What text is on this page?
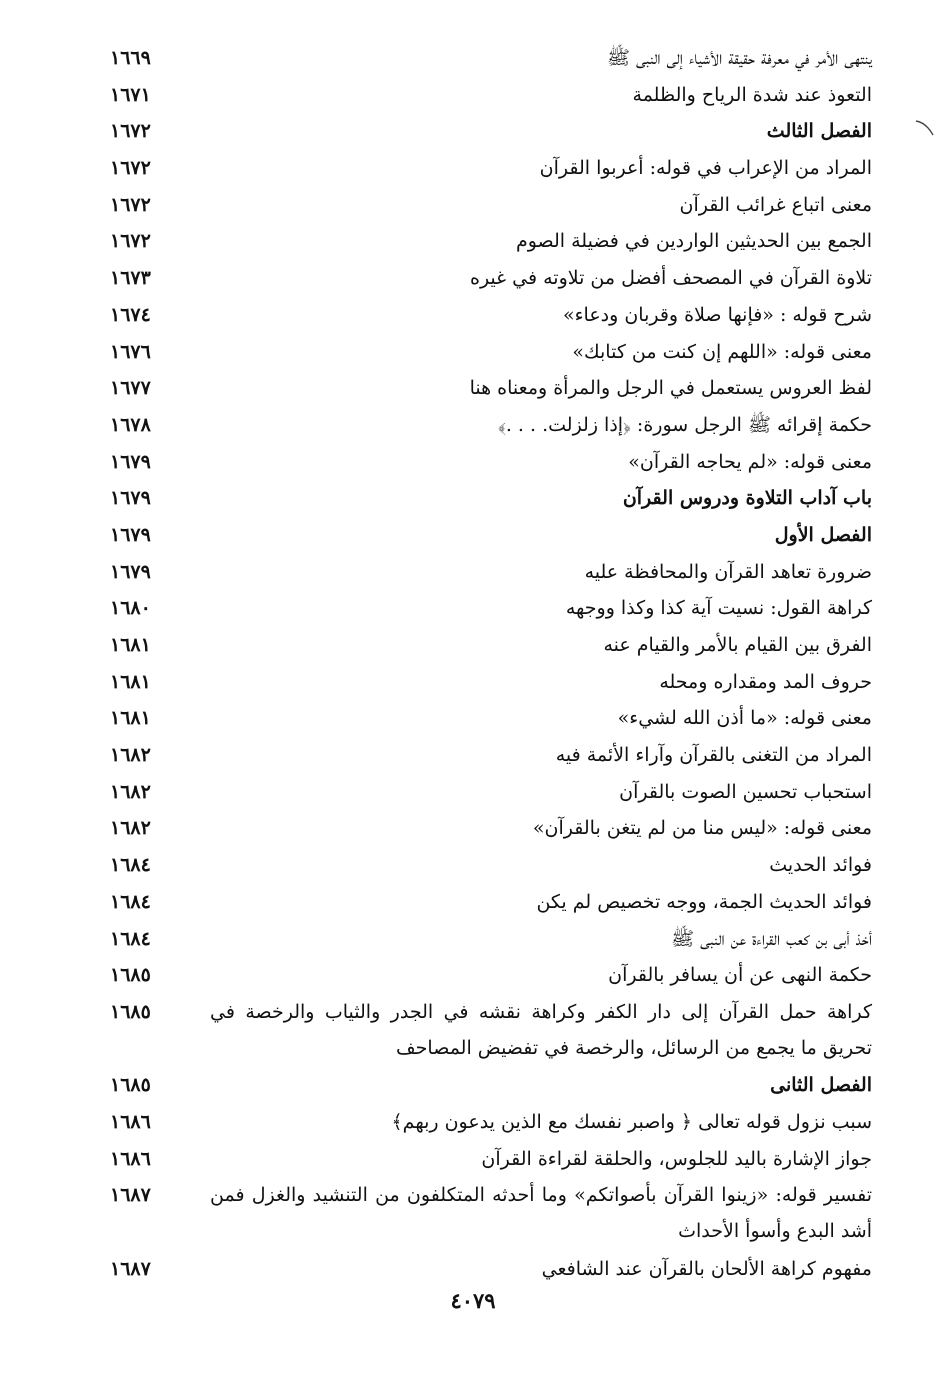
ينتهى الأمر في معرفة حقيقة الأشياء إلى النبى ﷺ
١٦٦٩
التعوذ عند شدة الرياح والظلمة
١٦٧١
الفصل الثالث
١٦٧٢
المراد من الإعراب في قوله: أعربوا القرآن
١٦٧٢
معنى اتباع غرائب القرآن
١٦٧٢
الجمع بين الحديثين الواردين في فضيلة الصوم
١٦٧٢
تلاوة القرآن في المصحف أفضل من تلاوته في غيره
١٦٧٣
شرح قوله : «فإنها صلاة وقربان ودعاء»
١٦٧٤
معنى قوله: «اللهم إن كنت من كتابك»
١٦٧٦
لفظ العروس يستعمل في الرجل والمرأة ومعناه هنا
١٦٧٧
حكمة إقرائه ﷺ الرجل سورة: ﴿إذا زلزلت. . . .﴾
١٦٧٨
معنى قوله: «لم يحاجه القرآن»
١٦٧٩
باب آداب التلاوة ودروس القرآن
١٦٧٩
الفصل الأول
١٦٧٩
ضرورة تعاهد القرآن والمحافظة عليه
١٦٧٩
كراهة القول: نسيت آية كذا وكذا ووجهه
١٦٨٠
الفرق بين القيام بالأمر والقيام عنه
١٦٨١
حروف المد ومقداره ومحله
١٦٨١
معنى قوله: «ما أذن الله لشيء»
١٦٨١
المراد من التغنى بالقرآن وآراء الأئمة فيه
١٦٨٢
استحباب تحسين الصوت بالقرآن
١٦٨٢
معنى قوله: «ليس منا من لم يتغن بالقرآن»
١٦٨٢
فوائد الحديث
١٦٨٤
فوائد الحديث الجمة، ووجه تخصيص لم يكن
١٦٨٤
أخذ أبى بن كعب القراءة عن النبى ﷺ
١٦٨٤
حكمة النهى عن أن يسافر بالقرآن
١٦٨٥
كراهة حمل القرآن إلى دار الكفر وكراهة نقشه في الجدر والثياب والرخصة في تحريق ما يجمع من الرسائل، والرخصة في تفضيض المصاحف
١٦٨٥
الفصل الثانى
١٦٨٥
سبب نزول قوله تعالى ﴿ واصبر نفسك مع الذين يدعون ربهم﴾
١٦٨٦
جواز الإشارة باليد للجلوس، والحلقة لقراءة القرآن
١٦٨٦
تفسير قوله: «زينوا القرآن بأصواتكم» وما أحدثه المتكلفون من التنشيد والغزل فمن أشد البدع وأسوأ الأحداث
١٦٨٧
مفهوم كراهة الألحان بالقرآن عند الشافعي
١٦٨٧
٤٠٧٩
